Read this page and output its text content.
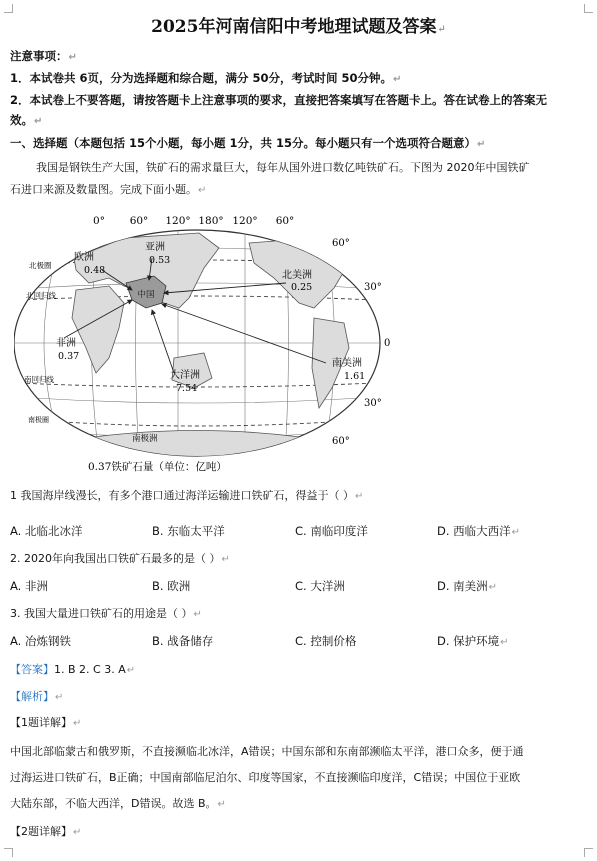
2025年河南信阳中考地理试题及答案↵
注意事项：↵
1．本试卷共 6页，分为选择题和综合题，满分 50分，考试时间 50分钟。↵
2．本试卷上不要答题，请按答题卡上注意事项的要求，直接把答案填写在答题卡上。答在试卷上的答案无
效。↵
一、选择题（本题包括 15个小题，每小题 1分，共 15分。每小题只有一个选项符合题意）↵
我国是钢铁生产大国，铁矿石的需求量巨大，每年从国外进口数亿吨铁矿石。下图为 2020年中国铁矿
石进口来源及数量图。完成下面小题。↵
0° 60° 120° 180° 120° 60°
中国
欧洲
0.48
亚洲
0.53
北美洲
0.25
非洲
0.37
大洋洲
7.54
南美洲
1.61
北极圈
北回归线
南回归线
南极洲
南极圈
60°
30°
0
30°
60°
0.37铁矿石量（单位：亿吨）
1 我国海岸线漫长，有多个港口通过海洋运输进口铁矿石，得益于（ ）↵
A. 北临北冰洋	B. 东临太平洋	C. 南临印度洋	D. 西临大西洋↵
2. 2020年向我国出口铁矿石最多的是（ ）↵
A. 非洲	B. 欧洲	C. 大洋洲	D. 南美洲↵
3. 我国大量进口铁矿石的用途是（ ）↵
A. 冶炼钢铁	B. 战备储存	C. 控制价格	D. 保护环境↵
【答案】1. B 2. C 3. A↵
【解析】↵
【1题详解】↵
中国北部临蒙古和俄罗斯，不直接濒临北冰洋，A错误；中国东部和东南部濒临太平洋，港口众多，便于通
过海运进口铁矿石，B正确；中国南部临尼泊尔、印度等国家，不直接濒临印度洋，C错误；中国位于亚欧
大陆东部，不临大西洋，D错误。故选 B。↵
【2题详解】↵
